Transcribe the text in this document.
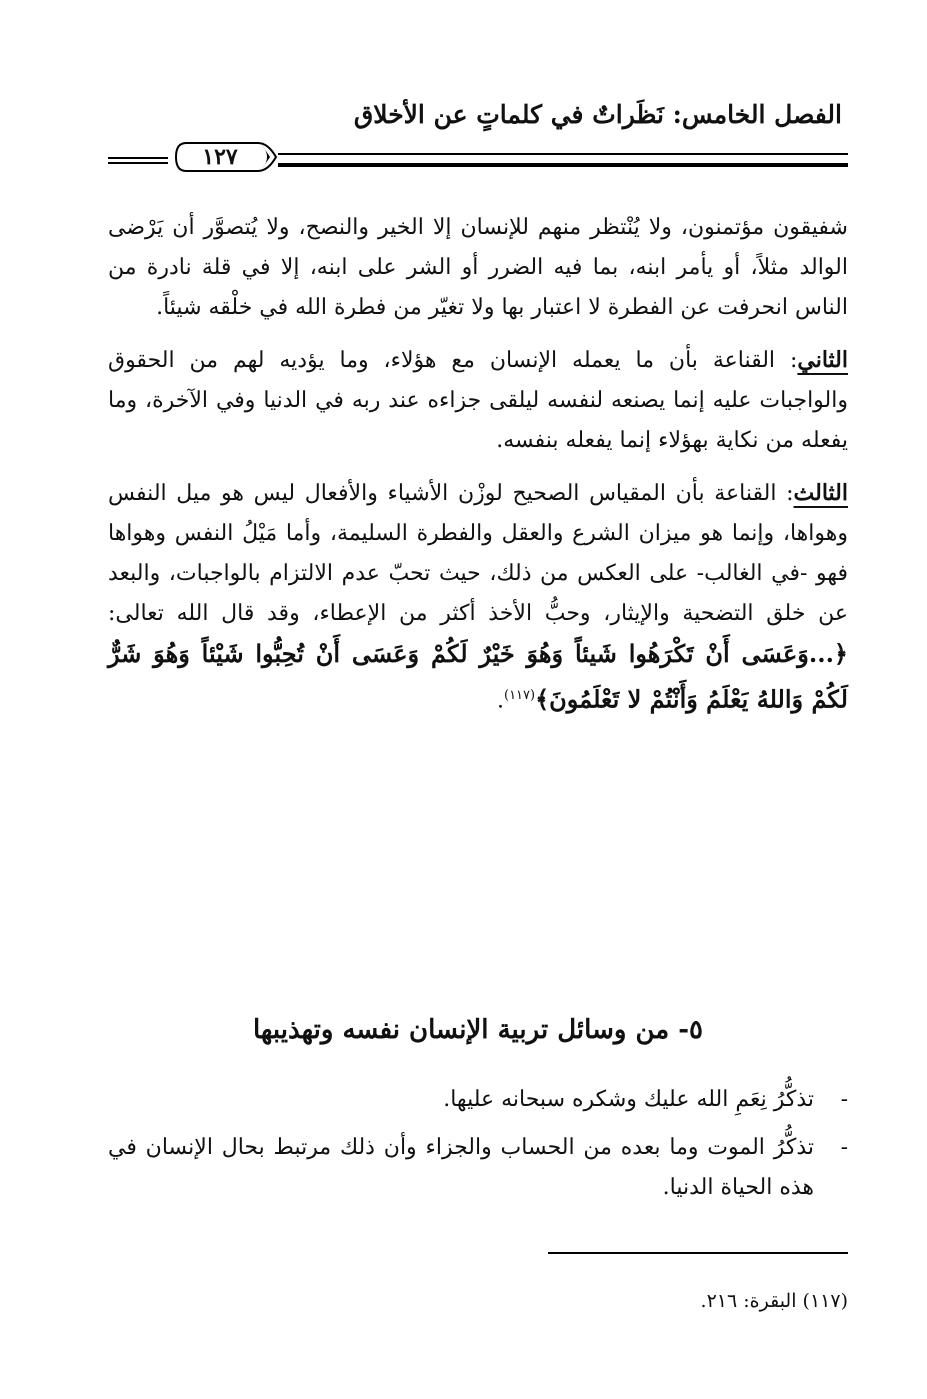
الفصل الخامس: نَظَراتٌ في كلماتٍ عن الأخلاق
١٢٧

شفيقون مؤتمنون، ولا يُنْتظر منهم للإنسان إلا الخير والنصح، ولا يُتصوَّر أن يَرْضى الوالد مثلاً، أو يأمر ابنه، بما فيه الضرر أو الشر على ابنه، إلا في قلة نادرة من الناس انحرفت عن الفطرة لا اعتبار بها ولا تغيّر من فطرة الله في خلْقه شيئاً.

الثاني: القناعة بأن ما يعمله الإنسان مع هؤلاء، وما يؤديه لهم من الحقوق والواجبات عليه إنما يصنعه لنفسه ليلقى جزاءه عند ربه في الدنيا وفي الآخرة، وما يفعله من نكاية بهؤلاء إنما يفعله بنفسه.

الثالث: القناعة بأن المقياس الصحيح لوزْن الأشياء والأفعال ليس هو ميل النفس وهواها، وإنما هو ميزان الشرع والعقل والفطرة السليمة، وأما مَيْلُ النفس وهواها فهو -في الغالب- على العكس من ذلك، حيث تحبّ عدم الالتزام بالواجبات، والبعد عن خلق التضحية والإيثار، وحبُّ الأخذ أكثر من الإعطاء، وقد قال الله تعالى: ﴿...وَعَسَى أَنْ تَكْرَهُوا شَيئاً وَهُوَ خَيْرٌ لَكُمْ وَعَسَى أَنْ تُحِبُّوا شَيْئاً وَهُوَ شَرٌّ لَكُمْ وَاللهُ يَعْلَمُ وَأَنْتُمْ لا تَعْلَمُونَ﴾$^{(١١٧)}$.

٥- من وسائل تربية الإنسان نفسه وتهذيبها
-
تذكُّرُ نِعَمِ الله عليك وشكره سبحانه عليها.
-
تذكُّرُ الموت وما بعده من الحساب والجزاء وأن ذلك مرتبط بحال الإنسان في هذه الحياة الدنيا.
(١١٧) البقرة: ٢١٦.
